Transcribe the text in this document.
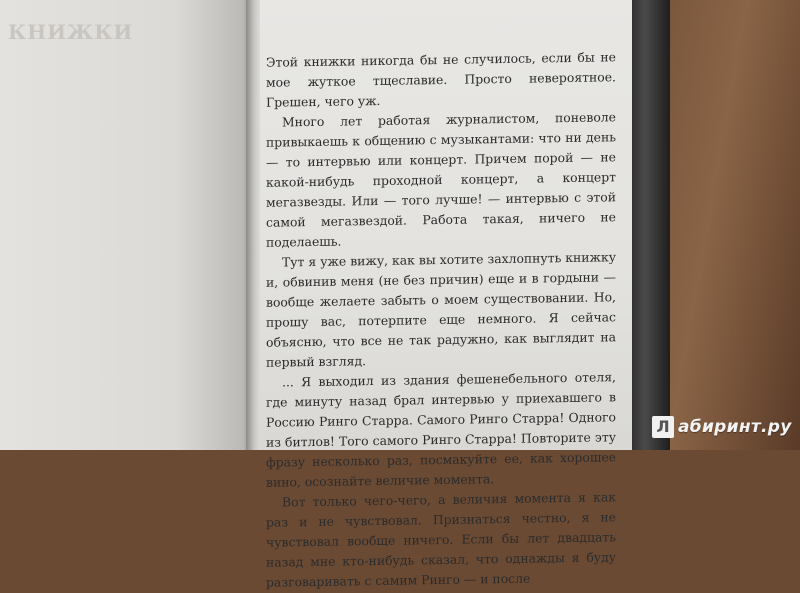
КНИЖКИ

Этой книжки никогда бы не случилось, если бы не мое жуткое тщеславие. Просто невероятное. Грешен, чего уж.

Много лет работая журналистом, поневоле привыкаешь к общению с музыкантами: что ни день — то интервью или концерт. Причем порой — не какой-нибудь проходной концерт, а концерт мегазвезды. Или — того лучше! — интервью с этой самой мегазвездой. Работа такая, ничего не поделаешь.

Тут я уже вижу, как вы хотите захлопнуть книжку и, обвинив меня (не без причин) еще и в гордыни — вообще желаете забыть о моем существовании. Но, прошу вас, потерпите еще немного. Я сейчас объясню, что все не так радужно, как выглядит на первый взгляд.

... Я выходил из здания фешенебельного отеля, где минуту назад брал интервью у приехавшего в Россию Ринго Старра. Самого Ринго Старра! Одного из битлов! Того самого Ринго Старра! Повторите эту фразу несколько раз, посмакуйте ее, как хорошее вино, осознайте величие момента.

Вот только чего-чего, а величия момента я как раз и не чувствовал. Признаться честно, я не чувствовал вообще ничего. Если бы лет двадцать назад мне кто-нибудь сказал, что однажды я буду разговаривать с самим Ринго — и после

Л абиринт.ру
